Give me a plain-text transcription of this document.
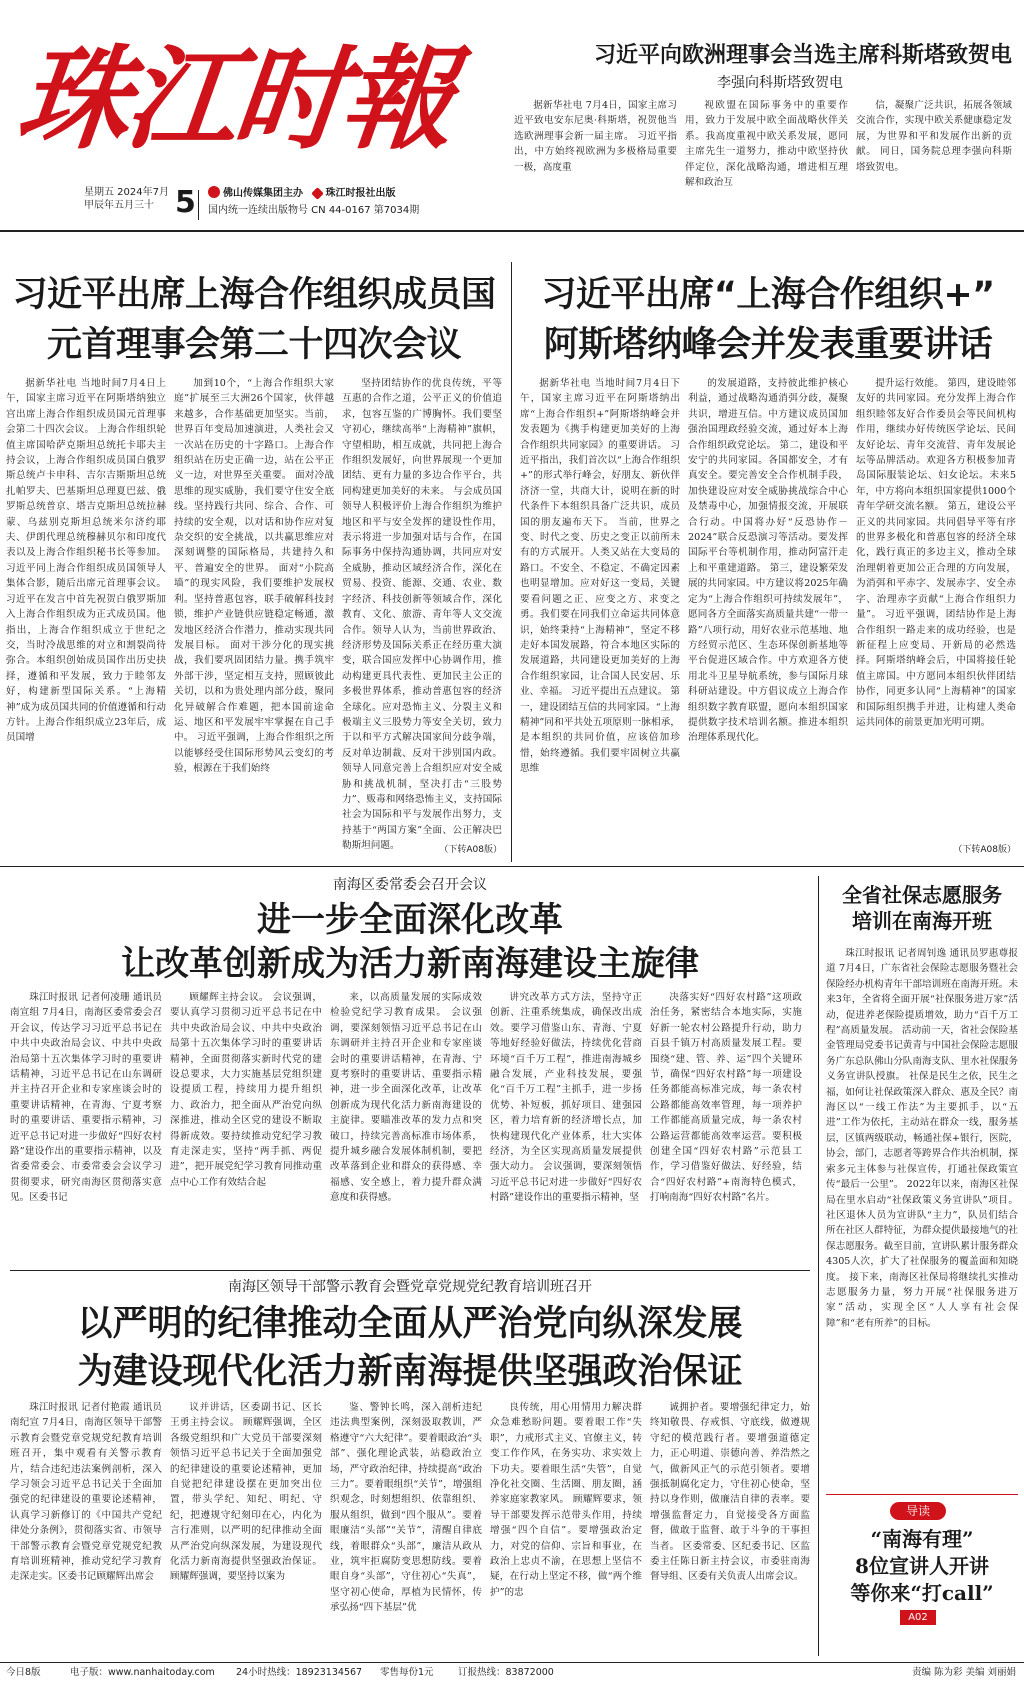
珠江时報
星期五 2024年7月
甲辰年五月三十 5	佛山传媒集团主办 珠江时报社出版
国内统一连续出版物号 CN 44-0167 第7034期
习近平向欧洲理事会当选主席科斯塔致贺电
李强向科斯塔致贺电

据新华社电 7月4日，国家主席习近平致电安东尼奥·科斯塔，祝贺他当选欧洲理事会新一届主席。 习近平指出，中方始终视欧洲为多极格局重要一极，高度重

视欧盟在国际事务中的重要作用，致力于发展中欧全面战略伙伴关系。我高度重视中欧关系发展，愿同主席先生一道努力，推动中欧坚持伙伴定位，深化战略沟通，增进相互理解和政治互

信，凝聚广泛共识，拓展各领域交流合作，实现中欧关系健康稳定发展，为世界和平和发展作出新的贡献。 同日，国务院总理李强向科斯塔致贺电。

习近平出席上海合作组织成员国
元首理事会第二十四次会议

据新华社电 当地时间7月4日上午，国家主席习近平在阿斯塔纳独立宫出席上海合作组织成员国元首理事会第二十四次会议。 上海合作组织轮值主席国哈萨克斯坦总统托卡耶夫主持会议，上海合作组织成员国白俄罗斯总统卢卡申科、吉尔吉斯斯坦总统扎帕罗夫、巴基斯坦总理夏巴兹、俄罗斯总统普京、塔吉克斯坦总统拉赫蒙、乌兹别克斯坦总统米尔济约耶夫、伊朗代理总统穆赫贝尔和印度代表以及上海合作组织秘书长等参加。 习近平同上海合作组织成员国领导人集体合影，随后出席元首理事会议。 习近平在发言中首先祝贺白俄罗斯加入上海合作组织成为正式成员国。他指出，上海合作组织成立于世纪之交，当时冷战思维的对立和割裂尚待弥合。本组织创始成员国作出历史抉择，遵循和平发展，致力于睦邻友好，构建新型国际关系。“上海精神”成为成员国共同的价值遵循和行动方针。上海合作组织成立23年后，成员国增

加到10个，“上海合作组织大家庭”扩展至三大洲26个国家，伙伴越来越多，合作基础更加坚实。当前，世界百年变局加速演进，人类社会又一次站在历史的十字路口。上海合作组织站在历史正确一边，站在公平正义一边，对世界至关重要。 面对冷战思维的现实威胁，我们要守住安全底线。坚持践行共同、综合、合作、可持续的安全观，以对话和协作应对复杂交织的安全挑战，以共赢思维应对深刻调整的国际格局，共建持久和平、普遍安全的世界。 面对“小院高墙”的现实风险，我们要维护发展权利。坚持普惠包容，联手破解科技封锁，维护产业链供应链稳定畅通，激发地区经济合作潜力，推动实现共同发展目标。 面对干涉分化的现实挑战，我们要巩固团结力量。携手筑牢外部干涉，坚定相互支持，照顾彼此关切，以和为贵处理内部分歧，聚同化异破解合作难题，把本国前途命运、地区和平发展牢牢掌握在自己手中。 习近平强调，上海合作组织之所以能够经受住国际形势风云变幻的考验，根源在于我们始终

坚持团结协作的优良传统，平等互惠的合作之道，公平正义的价值追求，包容互鉴的广博胸怀。我们要坚守初心，继续高举“上海精神”旗帜，守望相助，相互成就，共同把上海合作组织发展好，向世界展现一个更加团结、更有力量的多边合作平台，共同构建更加美好的未来。 与会成员国领导人积极评价上海合作组织为维护地区和平与安全发挥的建设性作用，表示将进一步加强对话与合作，在国际事务中保持沟通协调，共同应对安全威胁，推动区域经济合作，深化在贸易、投资、能源、交通、农业、数字经济、科技创新等领域合作，深化教育、文化、旅游、青年等人文交流合作。领导人认为，当前世界政治、经济形势及国际关系正在经历重大演变，联合国应发挥中心协调作用，推动构建更具代表性、更加民主公正的多极世界体系，推动普惠包容的经济全球化。应对恐怖主义、分裂主义和极端主义三股势力等安全关切，致力于以和平方式解决国家间分歧争端，反对单边制裁、反对干涉别国内政。领导人同意完善上合组织应对安全威胁和挑战机制，坚决打击“三股势力”、贩毒和网络恐怖主义，支持国际社会为国际和平与发展作出努力，支持基于“两国方案”全面、公正解决巴勒斯坦问题。	（下转A08版）
习近平出席“上海合作组织+”
阿斯塔纳峰会并发表重要讲话

据新华社电 当地时间7月4日下午，国家主席习近平在阿斯塔纳出席“上海合作组织+”阿斯塔纳峰会并发表题为《携手构建更加美好的上海合作组织共同家园》的重要讲话。 习近平指出，我们首次以“上海合作组织+”的形式举行峰会，好朋友、新伙伴济济一堂，共商大计，说明在新的时代条件下本组织具备广泛共识，成员国的朋友遍布天下。 当前，世界之变、时代之变、历史之变正以前所未有的方式展开。人类又站在大变局的路口。不安全、不稳定、不确定因素也明显增加。应对好这一变局，关键要看问题之正、应变之方、求变之勇。我们要在同我们立命运共同体意识，始终秉持“上海精神”，坚定不移走好本国发展路，符合本地区实际的发展道路，共同建设更加美好的上海合作组织家园，让合国人民安居、乐业、幸福。 习近平提出五点建议。 第一，建设团结互信的共同家园。“上海精神”同和平共处五项原则一脉相承，是本组织的共同价值，应该倍加珍惜，始终遵循。我们要牢固树立共赢思维

的发展道路，支持彼此维护核心利益，通过战略沟通消弭分歧，凝聚共识，增进互信。中方建议成员国加强治国理政经验交流，通过好本上海合作组织政党论坛。 第二，建设和平安宁的共同家园。各国都安全，才有真安全。要完善安全合作机制手段，加快建设应对安全威胁挑战综合中心及禁毒中心，加强情报交流，开展联合行动。中国将办好“反恐协作－2024”联合反恐演习等活动。要发挥国际平台等机制作用，推动阿富汗走上和平重建道路。 第三，建设繁荣发展的共同家园。中方建议将2025年确定为“上海合作组织可持续发展年”，愿同各方全面落实高质量共建“一带一路”八项行动，用好农业示范基地、地方经贸示范区、生态环保创新基地等平台促进区域合作。中方欢迎各方使用北斗卫星导航系统，参与国际月球科研站建设。中方倡议成立上海合作组织数字教育联盟，愿向本组织国家提供数字技术培训名额。推进本组织治理体系现代化。

提升运行效能。 第四，建设睦邻友好的共同家园。充分发挥上海合作组织睦邻友好合作委员会等民间机构作用，继续办好传统医学论坛、民间友好论坛、青年交流营、青年发展论坛等品牌活动。欢迎各方积极参加青岛国际服装论坛、妇女论坛。未来5年，中方将向本组织国家提供1000个青年学研交流名额。 第五，建设公平正义的共同家园。共同倡导平等有序的世界多极化和普惠包容的经济全球化，践行真正的多边主义，推动全球治理朝着更加公正合理的方向发展，为消弭和平赤字、发展赤字、安全赤字、治理赤字贡献“上海合作组织力量”。 习近平强调，团结协作是上海合作组织一路走来的成功经验，也是新征程上应变局、开新局的必然选择。阿斯塔纳峰会后，中国将接任轮值主席国。中方愿同本组织伙伴团结协作，同更多认同“上海精神”的国家和国际组织携手并进，让构建人类命运共同体的前景更加光明可期。

（下转A08版）
南海区委常委会召开会议
进一步全面深化改革
让改革创新成为活力新南海建设主旋律

珠江时报讯 记者何凌珊 通讯员南宣组 7月4日，南海区委常委会召开会议，传达学习习近平总书记在中共中央政治局会议、中共中央政治局第十五次集体学习时的重要讲话精神，习近平总书记在山东调研并主持召开企业和专家座谈会时的重要讲话精神，在青海、宁夏考察时的重要讲话、重要指示精神，习近平总书记对进一步做好“四好农村路”建设作出的重要指示精神，以及省委常委会、市委常委会会议学习贯彻要求，研究南海区贯彻落实意见。区委书记

顾耀辉主持会议。 会议强调，要认真学习贯彻习近平总书记在中共中央政治局会议、中共中央政治局第十五次集体学习时的重要讲话精神，全面贯彻落实新时代党的建设总要求，大力实施基层党组织建设提质工程，持续用力提升组织力、政治力，把全面从严治党向纵深推进，推动全区党的建设不断取得新成效。要持续推动党纪学习教育走深走实，坚持“两手抓、两促进”，把开展党纪学习教育同推动重点中心工作有效结合起

来，以高质量发展的实际成效检验党纪学习教育成果。 会议强调，要深刻领悟习近平总书记在山东调研并主持召开企业和专家座谈会时的重要讲话精神，在青海、宁夏考察时的重要讲话、重要指示精神，进一步全面深化改革，让改革创新成为现代化活力新南海建设的主旋律。要瞄准改革的发力点和突破口，持续完善高标准市场体系，提升城乡融合发展体制机制，要把改革落到企业和群众的获得感、幸福感、安全感上，着力提升群众满意度和获得感。

讲究改革方式方法，坚持守正创新、注重系统集成，确保改出成效。要学习借鉴山东、青海、宁夏等地好经验好做法，持续优化营商环境“百千万工程”，推进南海城乡融合发展，产业科技发展，要强化“百千万工程”主抓手，进一步扬优势、补短板，抓好项目、建强园区，着力培育新的经济增长点，加快构建现代化产业体系，壮大实体经济，为全区实现高质量发展提供强大动力。 会议强调，要深刻领悟习近平总书记对进一步做好“四好农村路”建设作出的重要指示精神，坚

决落实好“四好农村路”这项政治任务，紧密结合本地实际，实施好新一轮农村公路提升行动，助力百县千镇万村高质量发展工程。要围绕“建、管、养、运”四个关键环节，确保“四好农村路”每一项建设任务都能高标准完成，每一条农村公路都能高效率管理，每一项养护工作都能高质量完成，每一条农村公路运营都能高效率运营。要积极创建全国“四好农村路”示范县工作，学习借鉴好做法、好经验，结合“四好农村路”+南海特色模式，打响南海“四好农村路”名片。

全省社保志愿服务
培训在南海开班

珠江时报讯 记者周钊逸 通讯员罗惠尊报道 7月4日，广东省社会保险志愿服务暨社会保险经办机构青年干部培训班在南海开班。未来3年，全省将全面开展“社保服务进万家”活动，促进养老保险提质增效，助力“百千万工程”高质量发展。 活动前一天，省社会保险基金管理局党委书记黄青与中国社会保险志愿服务广东总队佛山分队南海支队、里水社保服务义务宣讲队授旗。 社保是民生之依，民生之福，如何让社保政策深入群众、惠及全民？南海区以“一线工作法”为主要抓手，以“五进”工作为依托，主动站在群众一线，服务基层，区镇两级联动，畅通社保+银行，医院，协会，部门，志愿者等跨界合作共治机制，探索多元主体参与社保宣传，打通社保政策宣传“最后一公里”。 2022年以来，南海区社保局在里水启动“社保政策义务宣讲队”项目。社区退休人员为宣讲队“主力”，队员们结合所在社区人群特征，为群众提供最接地气的社保志愿服务。截至目前，宣讲队累计服务群众4305人次，扩大了社保服务的覆盖面和知晓度。 接下来，南海区社保局将继续扎实推动志愿服务力量，努力开展“社保服务进万家”活动，实现全区“人人享有社会保障”和“老有所养”的目标。

导读
“南海有理”
8位宣讲人开讲
等你来“打call”
A02
南海区领导干部警示教育会暨党章党规党纪教育培训班召开
以严明的纪律推动全面从严治党向纵深发展
为建设现代化活力新南海提供坚强政治保证

珠江时报讯 记者付艳霞 通讯员南纪宣 7月4日，南海区领导干部警示教育会暨党章党规党纪教育培训班召开，集中观看有关警示教育片，结合违纪违法案例剖析，深入学习领会习近平总书记关于全面加强党的纪律建设的重要论述精神，认真学习新修订的《中国共产党纪律处分条例》，贯彻落实省、市领导干部警示教育会暨党章党规党纪教育培训班精神，推动党纪学习教育走深走实。区委书记顾耀辉出席会

议并讲话，区委副书记、区长王勇主持会议。 顾耀辉强调，全区各级党组织和广大党员干部要深刻领悟习近平总书记关于全面加强党的纪律建设的重要论述精神，更加自觉把纪律建设摆在更加突出位置，带头学纪、知纪、明纪、守纪，把遵规守纪刻印在心，内化为言行准则，以严明的纪律推动全面从严治党向纵深发展，为建设现代化活力新南海提供坚强政治保证。 顾耀辉强调，要坚持以案为

鉴、警钟长鸣，深入剖析违纪违法典型案例，深刻汲取教训，严格遵守“六大纪律”。要着眼政治“头部”、强化理论武装，站稳政治立场，严守政治纪律，持续提高“政治三力”。要着眼组织“关节”，增强组织观念，时刻想组织、依靠组织、服从组织，做到“四个服从”。要着眼廉洁“头部”“关节”，清醒自律底线，着眼群众“头部”，廉洁从政从业，筑牢拒腐防变思想防线。要着眼自身“头部”，守住初心“失真”，坚守初心使命，厚植为民情怀，传承弘扬“四下基层”优

良传统，用心用情用力解决群众急难愁盼问题。要着眼工作“失职”，力戒形式主义、官僚主义，转变工作作风，在务实功、求实效上下功夫。要着眼生活“失管”，自觉净化社交圈、生活圈、朋友圈，涵养家庭家教家风。 顾耀辉要求，领导干部要发挥示范带头作用，持续增强“四个自信”。要增强政治定力，对党的信仰、宗旨和事业，在政治上忠贞不渝，在思想上坚信不疑，在行动上坚定不移，做“两个维护”的忠

诚拥护者。要增强纪律定力，始终知敬畏、存戒惧、守底线，做遵规守纪的模范践行者。要增强道德定力，正心明道、崇德向善、养浩然之气，做新风正气的示范引领者。要增强抵制腐化定力，守住初心使命，坚持以身作则，做廉洁自律的表率。要增强监督定力，自觉接受各方面监督，做敢于监督、敢于斗争的干事担当者。 区委常委、区纪委书记、区监委主任陈日新主持会议，市委驻南海督导组、区委有关负责人出席会议。

今日8版	电子版：www.nanhaitoday.com 24小时热线：18923134567 零售每份1元	订报热线：83872000	责编 陈为彩 美编 刘丽娟
